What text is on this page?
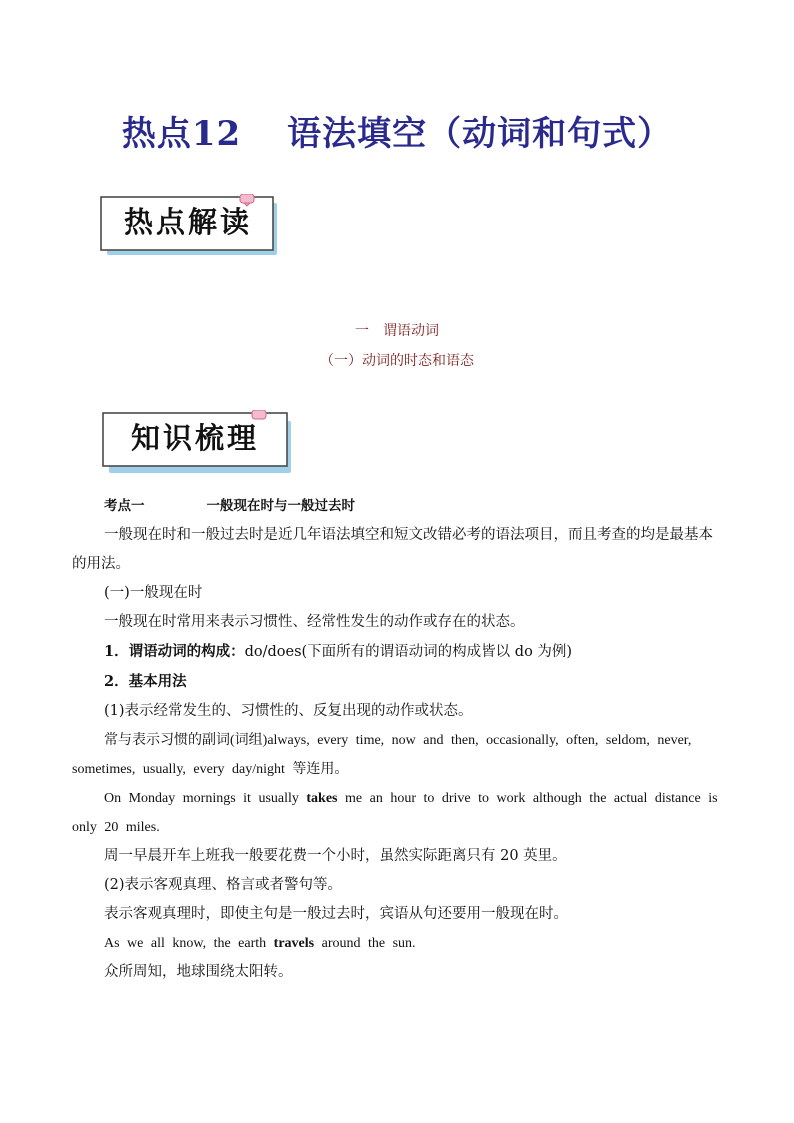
热点12 语法填空（动词和句式）
热点解读
一　谓语动词
（一）动词的时态和语态
知识梳理

考点一	一般现在时与一般过去时

一般现在时和一般过去时是近几年语法填空和短文改错必考的语法项目，而且考查的均是最基本的用法。

(一)一般现在时

一般现在时常用来表示习惯性、经常性发生的动作或存在的状态。

1．谓语动词的构成：do/does(下面所有的谓语动词的构成皆以 do 为例)

2．基本用法

(1)表示经常发生的、习惯性的、反复出现的动作或状态。

常与表示习惯的副词(词组)always, every time, now and then, occasionally, often, seldom, never, sometimes, usually, every day/night 等连用。

On Monday mornings it usually takes me an hour to drive to work although the actual distance is only 20 miles.

周一早晨开车上班我一般要花费一个小时，虽然实际距离只有 20 英里。

(2)表示客观真理、格言或者警句等。

表示客观真理时，即使主句是一般过去时，宾语从句还要用一般现在时。

As we all know, the earth travels around the sun.

众所周知，地球围绕太阳转。
